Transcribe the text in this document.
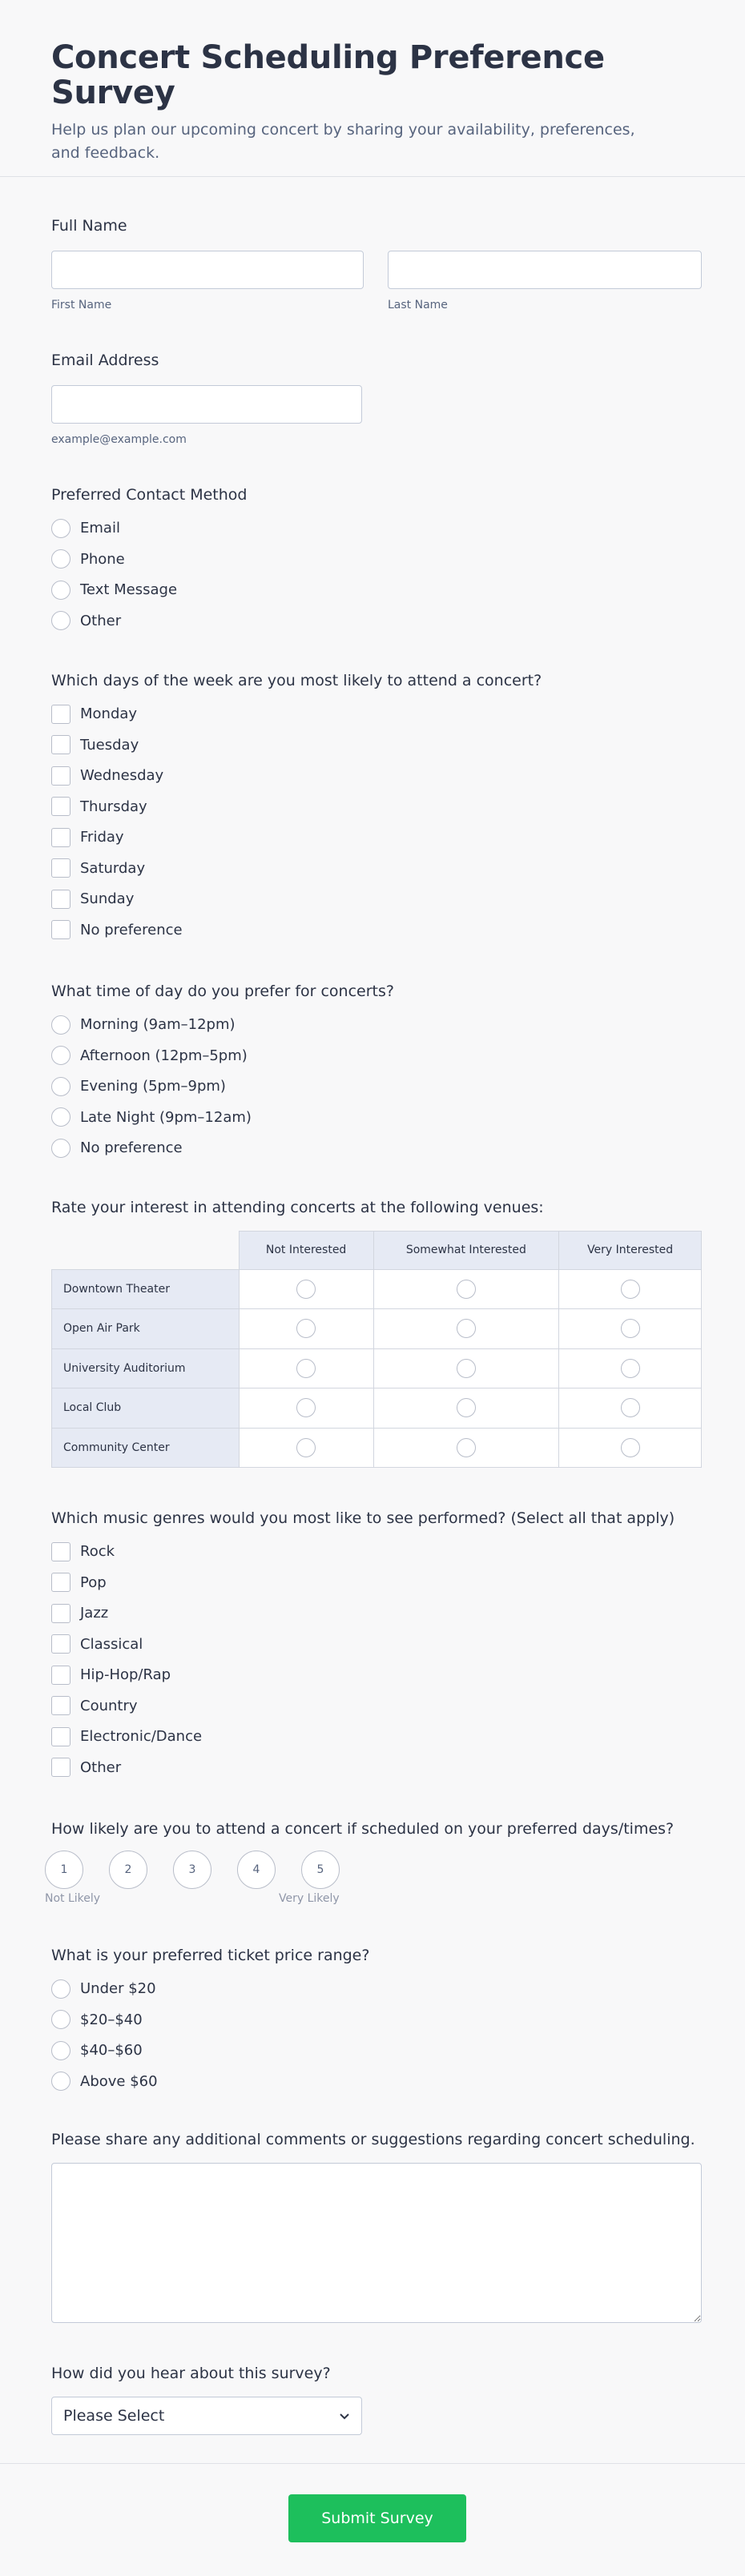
Concert Scheduling Preference Survey

Help us plan our upcoming concert by sharing your availability, preferences, and feedback.

Full Name
First Name	Last Name
Email Address
example@example.com
Preferred Contact Method
Email
Phone
Text Message
Other
Which days of the week are you most likely to attend a concert?
Monday
Tuesday
Wednesday
Thursday
Friday
Saturday
Sunday
No preference
What time of day do you prefer for concerts?
Morning (9am–12pm)
Afternoon (12pm–5pm)
Evening (5pm–9pm)
Late Night (9pm–12am)
No preference
Rate your interest in attending concerts at the following venues:
	Not Interested	Somewhat Interested	Very Interested
Downtown Theater			
Open Air Park			
University Auditorium			
Local Club			
Community Center			
Which music genres would you most like to see performed? (Select all that apply)
Rock
Pop
Jazz
Classical
Hip-Hop/Rap
Country
Electronic/Dance
Other
How likely are you to attend a concert if scheduled on your preferred days/times?
1	2	3	4	5
Not Likely	Very Likely
What is your preferred ticket price range?
Under $20
$20–$40
$40–$60
Above $60
Please share any additional comments or suggestions regarding concert scheduling.
How did you hear about this survey?
Please Select
Submit Survey
